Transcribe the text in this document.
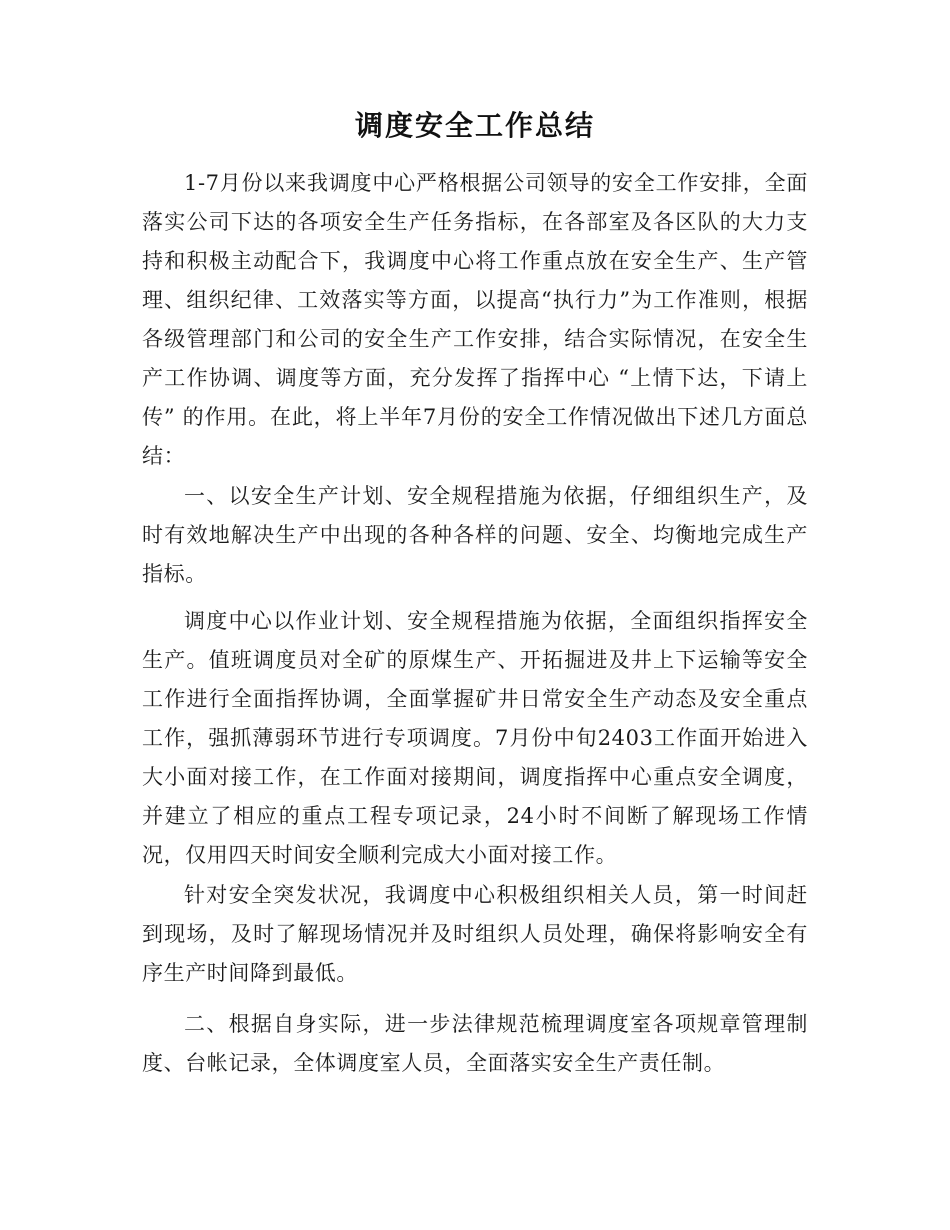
调度安全工作总结

1-7月份以来我调度中心严格根据公司领导的安全工作安排，全面落实公司下达的各项安全生产任务指标，在各部室及各区队的大力支持和积极主动配合下，我调度中心将工作重点放在安全生产、生产管理、组织纪律、工效落实等方面，以提高“执行力”为工作准则，根据各级管理部门和公司的安全生产工作安排，结合实际情况，在安全生产工作协调、调度等方面，充分发挥了指挥中心 “上情下达，下请上传” 的作用。在此，将上半年7月份的安全工作情况做出下述几方面总结：

一、以安全生产计划、安全规程措施为依据，仔细组织生产，及时有效地解决生产中出现的各种各样的问题、安全、均衡地完成生产指标。

调度中心以作业计划、安全规程措施为依据，全面组织指挥安全生产。值班调度员对全矿的原煤生产、开拓掘进及井上下运输等安全工作进行全面指挥协调，全面掌握矿井日常安全生产动态及安全重点工作，强抓薄弱环节进行专项调度。7月份中旬2403工作面开始进入大小面对接工作，在工作面对接期间，调度指挥中心重点安全调度，并建立了相应的重点工程专项记录，24小时不间断了解现场工作情况，仅用四天时间安全顺利完成大小面对接工作。

针对安全突发状况，我调度中心积极组织相关人员，第一时间赶到现场，及时了解现场情况并及时组织人员处理，确保将影响安全有序生产时间降到最低。

二、根据自身实际，进一步法律规范梳理调度室各项规章管理制度、台帐记录，全体调度室人员，全面落实安全生产责任制。
